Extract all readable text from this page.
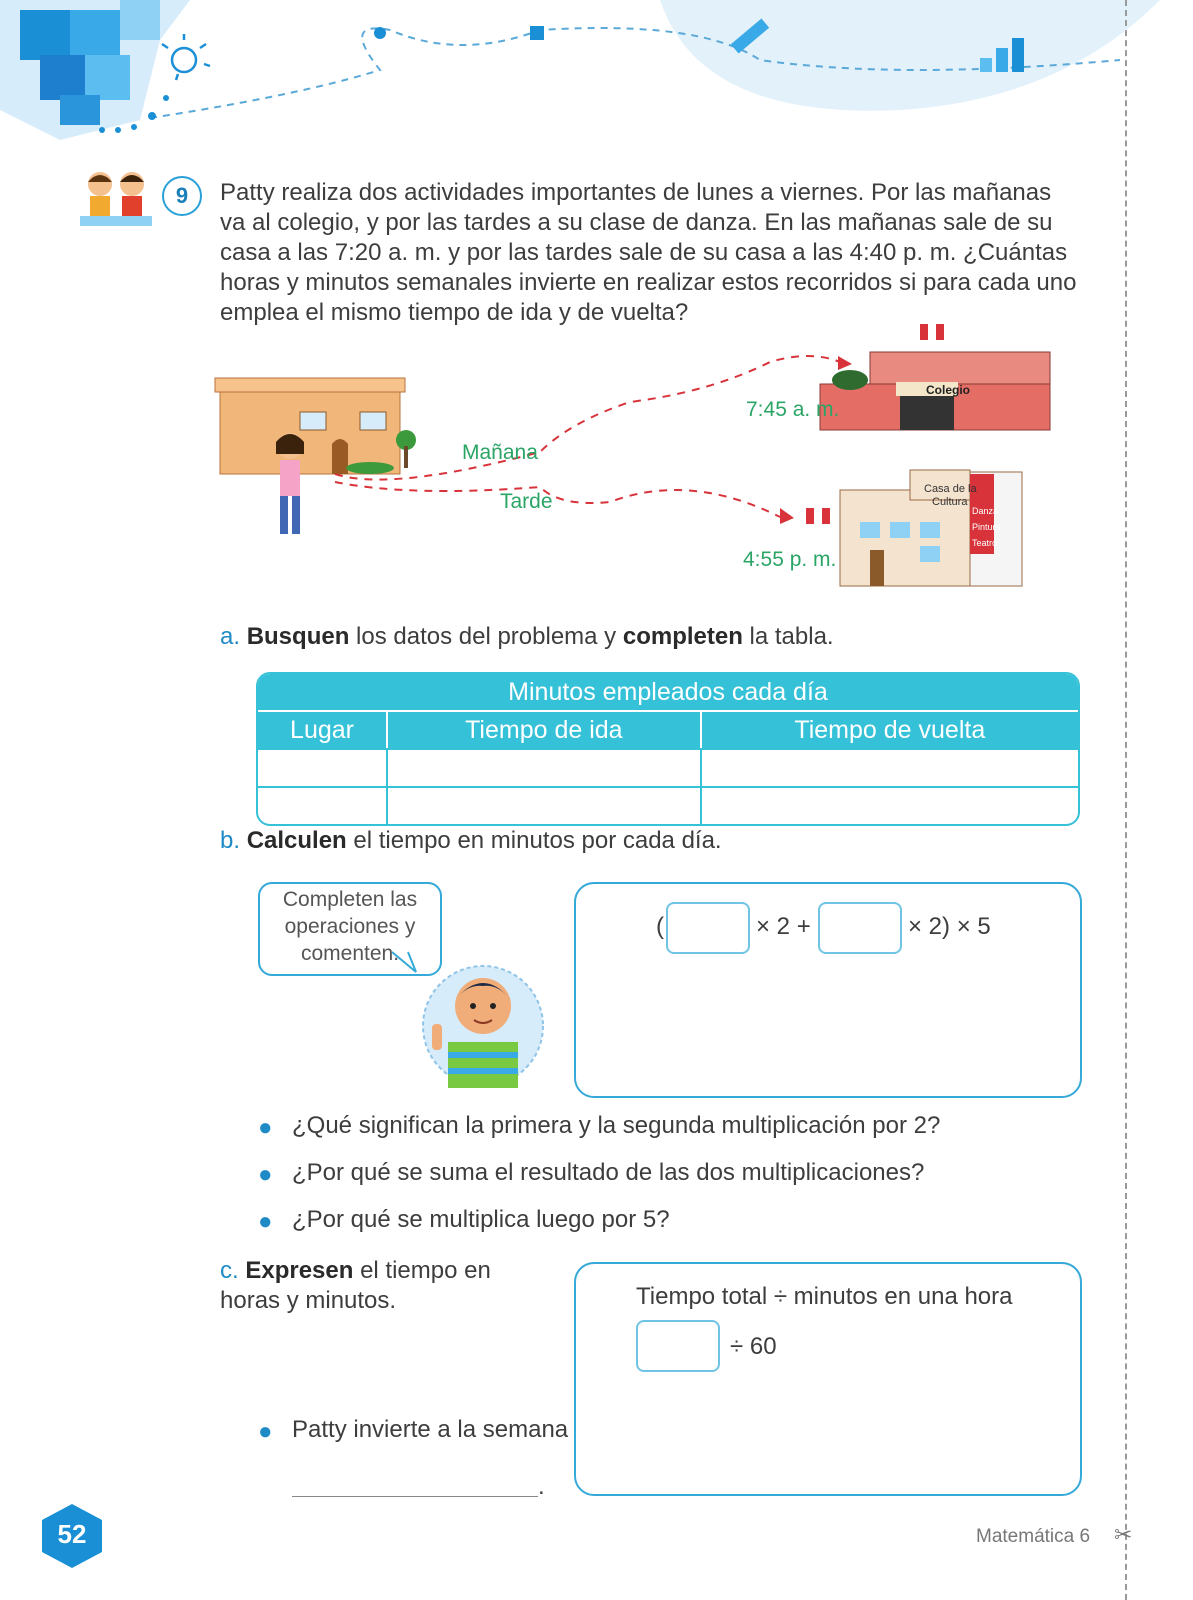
9	Patty realiza dos actividades importantes de lunes a viernes. Por las mañanas va al colegio, y por las tardes a su clase de danza. En las mañanas sale de su casa a las 7:20 a. m. y por las tardes sale de su casa a las 4:40 p. m. ¿Cuántas horas y minutos semanales invierte en realizar estos recorridos si para cada uno emplea el mismo tiempo de ida y de vuelta?
Colegio
Casa de la
Cultura
Danza
Pintura
Teatro
Mañana
Tarde
7:45 a. m.
4:55 p. m.
a. Busquen los datos del problema y completen la tabla.
Minutos empleados cada día		
Lugar	Tiempo de ida	Tiempo de vuelta

b. Calculen el tiempo en minutos por cada día.
Completen las operaciones y comenten.
(	× 2 +	× 2) × 5
● ¿Qué significan la primera y la segunda multiplicación por 2?
● ¿Por qué se suma el resultado de las dos multiplicaciones?
● ¿Por qué se multiplica luego por 5?
c. Expresen el tiempo en horas y minutos.	Tiempo total ÷ minutos en una hora
÷ 60
● Patty invierte a la semana
.
52	Matemática 6 ✂
